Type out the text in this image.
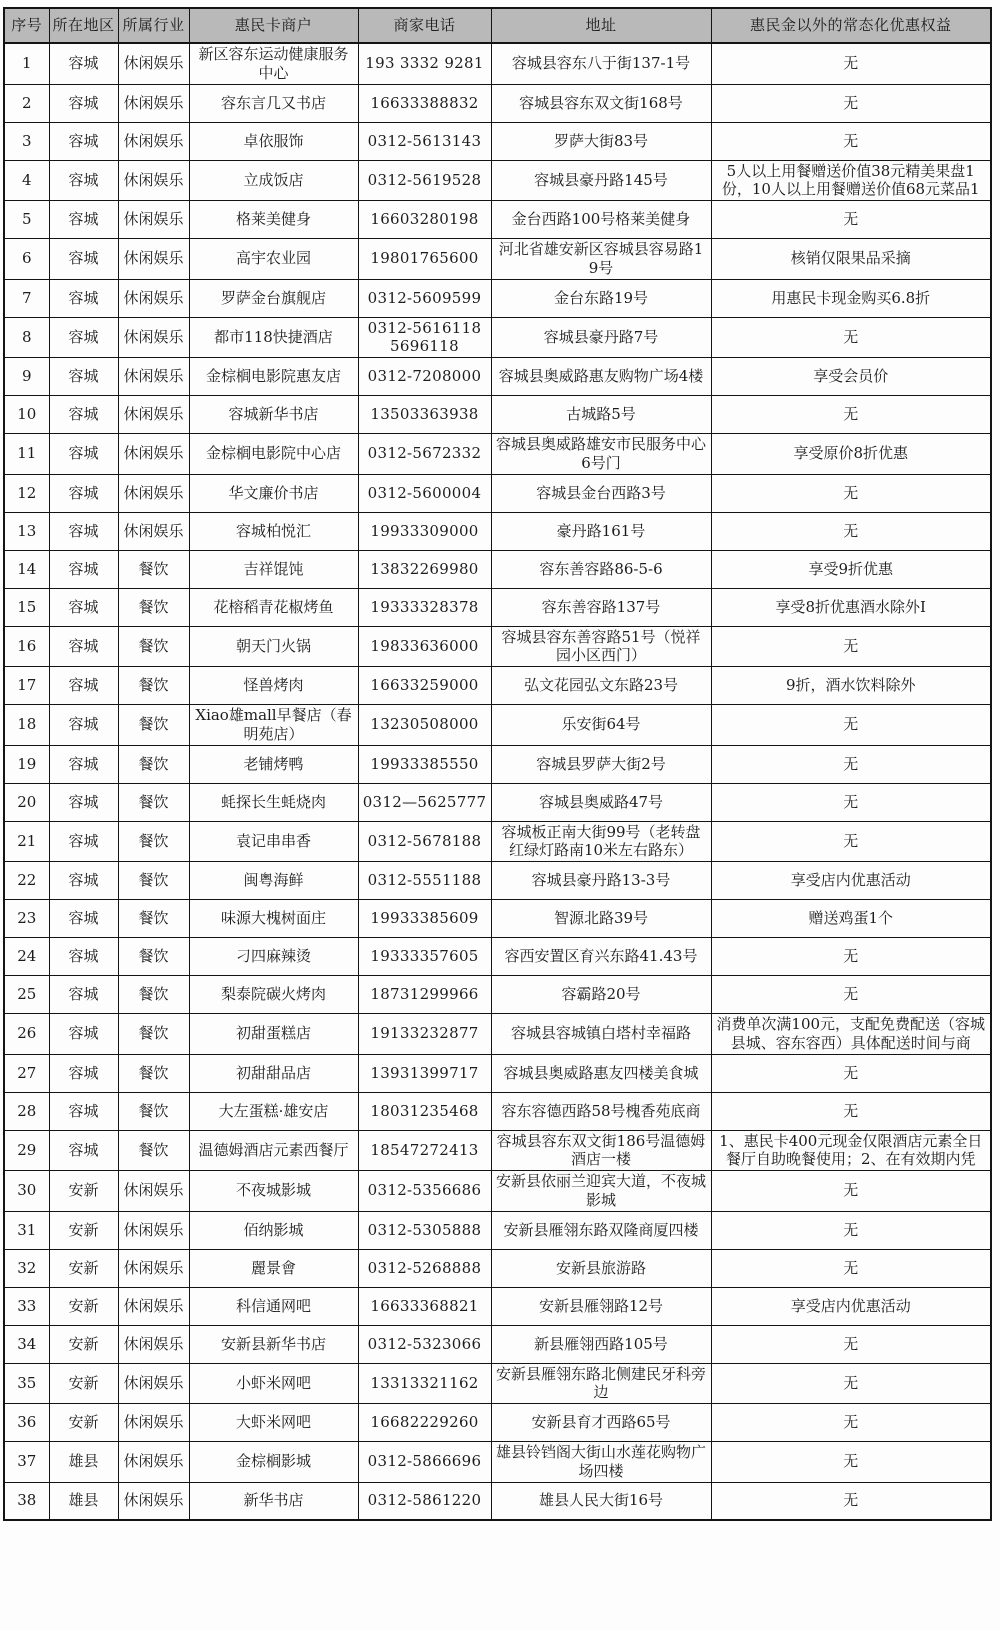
序号	所在地区	所属行业	惠民卡商户	商家电话	地址	惠民金以外的常态化优惠权益
1	容城	休闲娱乐	新区容东运动健康服务中心	193 3332 9281	容城县容东八于街137-1号	无
2	容城	休闲娱乐	容东言几又书店	16633388832	容城县容东双文街168号	无
3	容城	休闲娱乐	卓依服饰	0312-5613143	罗萨大街83号	无
4	容城	休闲娱乐	立成饭店	0312-5619528	容城县豪丹路145号	5人以上用餐赠送价值38元精美果盘1份，10人以上用餐赠送价值68元菜品1
5	容城	休闲娱乐	格莱美健身	16603280198	金台西路100号格莱美健身	无
6	容城	休闲娱乐	高宇农业园	19801765600	河北省雄安新区容城县容易路19号	核销仅限果品采摘
7	容城	休闲娱乐	罗萨金台旗舰店	0312-5609599	金台东路19号	用惠民卡现金购买6.8折
8	容城	休闲娱乐	都市118快捷酒店	0312-5616118 5696118	容城县豪丹路7号	无
9	容城	休闲娱乐	金棕榈电影院惠友店	0312-7208000	容城县奥威路惠友购物广场4楼	享受会员价
10	容城	休闲娱乐	容城新华书店	13503363938	古城路5号	无
11	容城	休闲娱乐	金棕榈电影院中心店	0312-5672332	容城县奥威路雄安市民服务中心6号门	享受原价8折优惠
12	容城	休闲娱乐	华文廉价书店	0312-5600004	容城县金台西路3号	无
13	容城	休闲娱乐	容城柏悦汇	19933309000	豪丹路161号	无
14	容城	餐饮	吉祥馄饨	13832269980	容东善容路86-5-6	享受9折优惠
15	容城	餐饮	花榕稻青花椒烤鱼	19333328378	容东善容路137号	享受8折优惠酒水除外I
16	容城	餐饮	朝天门火锅	19833636000	容城县容东善容路51号（悦祥园小区西门）	无
17	容城	餐饮	怪兽烤肉	16633259000	弘文花园弘文东路23号	9折，酒水饮料除外
18	容城	餐饮	Xiao雄mall早餐店（春明苑店）	13230508000	乐安街64号	无
19	容城	餐饮	老铺烤鸭	19933385550	容城县罗萨大街2号	无
20	容城	餐饮	蚝探长生蚝烧肉	0312—5625777	容城县奥威路47号	无
21	容城	餐饮	袁记串串香	0312-5678188	容城板正南大街99号（老转盘红绿灯路南10米左右路东）	无
22	容城	餐饮	闽粤海鲜	0312-5551188	容城县豪丹路13-3号	享受店内优惠活动
23	容城	餐饮	味源大槐树面庄	19933385609	智源北路39号	赠送鸡蛋1个
24	容城	餐饮	刁四麻辣烫	19333357605	容西安置区育兴东路41.43号	无
25	容城	餐饮	梨泰院碳火烤肉	18731299966	容霸路20号	无
26	容城	餐饮	初甜蛋糕店	19133232877	容城县容城镇白塔村幸福路	消费单次满100元，支配免费配送（容城县城、容东容西）具体配送时间与商
27	容城	餐饮	初甜甜品店	13931399717	容城县奥威路惠友四楼美食城	无
28	容城	餐饮	大左蛋糕·雄安店	18031235468	容东容德西路58号槐香苑底商	无
29	容城	餐饮	温德姆酒店元素西餐厅	18547272413	容城县容东双文街186号温德姆酒店一楼	1、惠民卡400元现金仅限酒店元素全日餐厅自助晚餐使用；2、在有效期内凭
30	安新	休闲娱乐	不夜城影城	0312-5356686	安新县依丽兰迎宾大道，不夜城影城	无
31	安新	休闲娱乐	佰纳影城	0312-5305888	安新县雁翎东路双隆商厦四楼	无
32	安新	休闲娱乐	麗景會	0312-5268888	安新县旅游路	无
33	安新	休闲娱乐	科信通网吧	16633368821	安新县雁翎路12号	享受店内优惠活动
34	安新	休闲娱乐	安新县新华书店	0312-5323066	新县雁翎西路105号	无
35	安新	休闲娱乐	小虾米网吧	13313321162	安新县雁翎东路北侧建民牙科旁边	无
36	安新	休闲娱乐	大虾米网吧	16682229260	安新县育才西路65号	无
37	雄县	休闲娱乐	金棕榈影城	0312-5866696	雄县铃铛阁大街山水莲花购物广场四楼	无
38	雄县	休闲娱乐	新华书店	0312-5861220	雄县人民大街16号	无
